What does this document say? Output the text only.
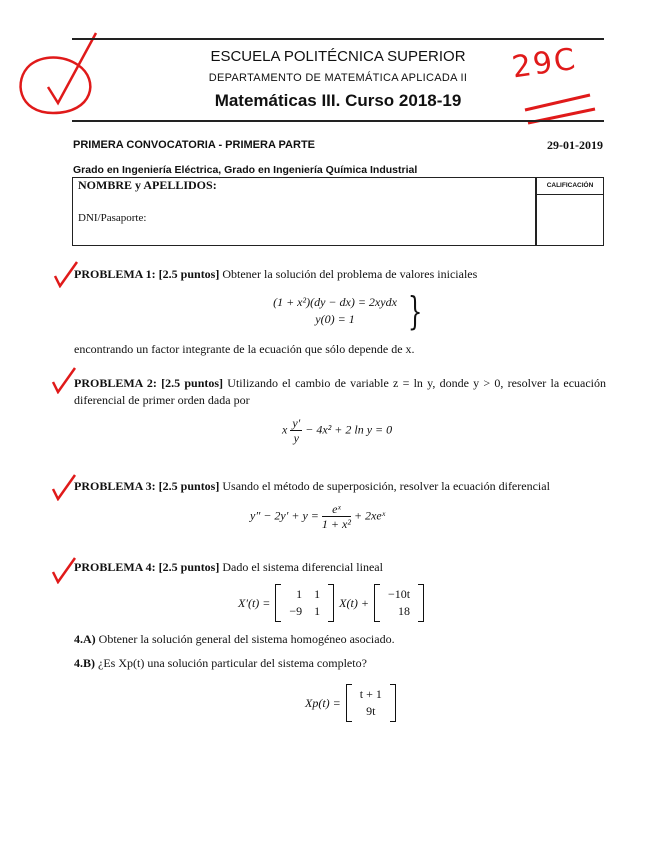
29C
ESCUELA POLITÉCNICA SUPERIOR
DEPARTAMENTO DE MATEMÁTICA APLICADA II
Matemáticas III. Curso 2018-19
PRIMERA CONVOCATORIA - PRIMERA PARTE	29-01-2019
Grado en Ingeniería Eléctrica, Grado en Ingeniería Química Industrial
NOMBRE y APELLIDOS:
DNI/Pasaporte:
CALIFICACIÓN
PROBLEMA 1: [2.5 puntos] Obtener la solución del problema de valores iniciales
(1 + x²)(dy − dx) = 2xydx
y(0) = 1	}
encontrando un factor integrante de la ecuación que sólo depende de x.
PROBLEMA 2: [2.5 puntos] Utilizando el cambio de variable z = ln y, donde y > 0, resolver la ecuación diferencial de primer orden dada por
x $\frac{y'}{y} - 4x^2 + 2$ ln y = 0
PROBLEMA 3: [2.5 puntos] Usando el método de superposición, resolver la ecuación diferencial
$y'' - 2y' + y = \frac{\text{eˣ}}{\text{1 + x²}}$ + 2xeˣ
PROBLEMA 4: [2.5 puntos] Dado el sistema diferencial lineal
X′(t) =
1	1
−9	1
X(t) +
−10t
18
4.A) Obtener la solución general del sistema homogéneo asociado.
4.B) ¿Es Xp(t) una solución particular del sistema completo?
Xp(t) =
t + 1
9t
